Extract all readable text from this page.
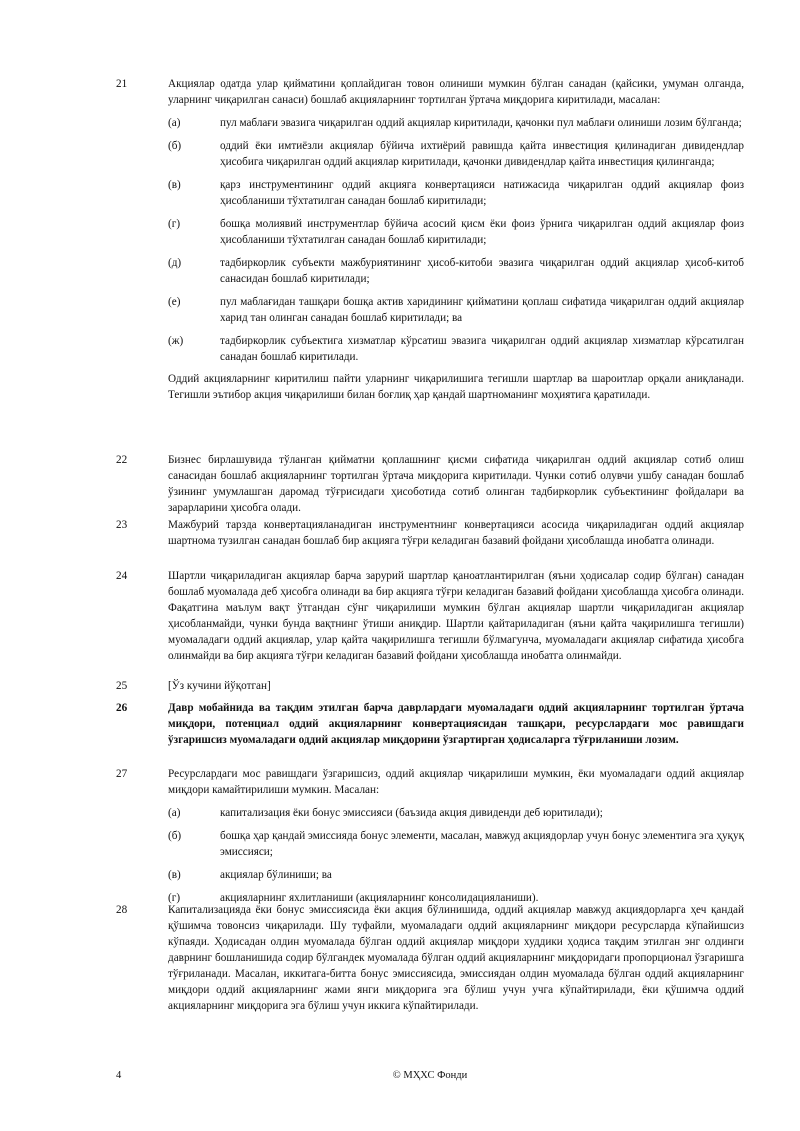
21	Акциялар одатда улар қийматини қоплайдиган товон олиниши мумкин бўлган санадан (қайсики, умуман олганда, уларнинг чиқарилган санаси) бошлаб акцияларнинг тортилган ўртача миқдорига киритилади, масалан:
(а)	пул маблағи эвазига чиқарилган оддий акциялар киритилади, қачонки пул маблағи олиниши лозим бўлганда;
(б)	оддий ёки имтиёзли акциялар бўйича ихтиёрий равишда қайта инвестиция қилинадиган дивидендлар ҳисобига чиқарилган оддий акциялар киритилади, қачонки дивидендлар қайта инвестиция қилинганда;
(в)	қарз инструментининг оддий акцияга конвертацияси натижасида чиқарилган оддий акциялар фоиз ҳисобланиши тўхтатилган санадан бошлаб киритилади;
(г)	бошқа молиявий инструментлар бўйича асосий қисм ёки фоиз ўрнига чиқарилган оддий акциялар фоиз ҳисобланиши тўхтатилган санадан бошлаб киритилади;
(д)	тадбиркорлик субъекти мажбуриятининг ҳисоб-китоби эвазига чиқарилган оддий акциялар ҳисоб-китоб санасидан бошлаб киритилади;
(е)	пул маблағидан ташқари бошқа актив харидининг қийматини қоплаш сифатида чиқарилган оддий акциялар харид тан олинган санадан бошлаб киритилади; ва
(ж)	тадбиркорлик субъектига хизматлар кўрсатиш эвазига чиқарилган оддий акциялар хизматлар кўрсатилган санадан бошлаб киритилади.
Оддий акцияларнинг киритилиш пайти уларнинг чиқарилишига тегишли шартлар ва шароитлар орқали аниқланади. Тегишли эътибор акция чиқарилиши билан боғлиқ ҳар қандай шартноманинг моҳиятига қаратилади.
22	Бизнес бирлашувида тўланган қийматни қоплашнинг қисми сифатида чиқарилган оддий акциялар сотиб олиш санасидан бошлаб акцияларнинг тортилган ўртача миқдорига киритилади. Чунки сотиб олувчи ушбу санадан бошлаб ўзининг умумлашган даромад тўғрисидаги ҳисоботида сотиб олинган тадбиркорлик субъектининг фойдалари ва зарарларини ҳисобга олади.
23	Мажбурий тарзда конвертацияланадиган инструментнинг конвертацияси асосида чиқариладиган оддий акциялар шартнома тузилган санадан бошлаб бир акцияга тўғри келадиган базавий фойдани ҳисоблашда инобатга олинади.
24	Шартли чиқариладиган акциялар барча зарурий шартлар қаноатлантирилган (яъни ҳодисалар содир бўлган) санадан бошлаб муомалада деб ҳисобга олинади ва бир акцияга тўғри келадиган базавий фойдани ҳисоблашда ҳисобга олинади. Фақатгина маълум вақт ўтгандан сўнг чиқарилиши мумкин бўлган акциялар шартли чиқариладиган акциялар ҳисобланмайди, чунки бунда вақтнинг ўтиши аниқдир. Шартли қайтариладиган (яъни қайта чақирилишга тегишли) муомаладаги оддий акциялар, улар қайта чақирилишга тегишли бўлмагунча, муомаладаги акциялар сифатида ҳисобга олинмайди ва бир акцияга тўғри келадиган базавий фойдани ҳисоблашда инобатга олинмайди.
25	[Ўз кучини йўқотган]
26	Давр мобайнида ва тақдим этилган барча даврлардаги муомаладаги оддий акцияларнинг тортилган ўртача миқдори, потенциал оддий акцияларнинг конвертациясидан ташқари, ресурслардаги мос равишдаги ўзгаришсиз муомаладаги оддий акциялар миқдорини ўзгартирган ҳодисаларга тўғриланиши лозим.
27	Ресурслардаги мос равишдаги ўзгаришсиз, оддий акциялар чиқарилиши мумкин, ёки муомаладаги оддий акциялар миқдори камайтирилиши мумкин. Масалан:
(а)	капитализация ёки бонус эмиссияси (баъзида акция дивиденди деб юритилади);
(б)	бошқа ҳар қандай эмиссияда бонус элементи, масалан, мавжуд акциядорлар учун бонус элементига эга ҳуқуқ эмиссияси;
(в)	акциялар бўлиниши; ва
(г)	акцияларнинг яхлитланиши (акцияларнинг консолидацияланиши).
28	Капитализацияда ёки бонус эмиссиясида ёки акция бўлинишида, оддий акциялар мавжуд акциядорларга ҳеч қандай қўшимча товонсиз чиқарилади. Шу туфайли, муомаладаги оддий акцияларнинг миқдори ресурсларда кўпайишсиз кўпаяди. Ҳодисадан олдин муомалада бўлган оддий акциялар миқдори худдики ҳодиса тақдим этилган энг олдинги даврнинг бошланишида содир бўлгандек муомалада бўлган оддий акцияларнинг миқдоридаги пропорционал ўзгаришга тўғриланади. Масалан, иккитага-битта бонус эмиссиясида, эмиссиядан олдин муомалада бўлган оддий акцияларнинг миқдори оддий акцияларнинг жами янги миқдорига эга бўлиш учун учга кўпайтирилади, ёки қўшимча оддий акцияларнинг миқдорига эга бўлиш учун иккига кўпайтирилади.
4	© МҲХС Фонди
